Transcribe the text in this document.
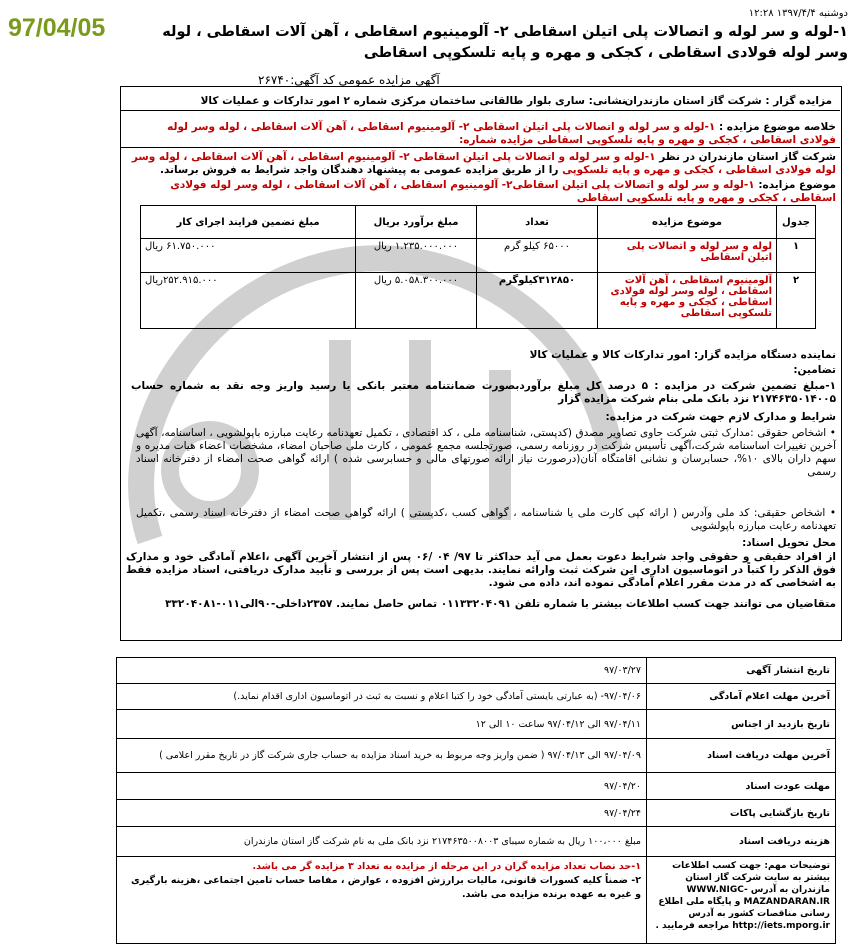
97/04/05
دوشنبه ۱۳۹۷/۴/۴ ۱۲:۲۸
۱-لوله و سر لوله و اتصالات پلی اتیلن اسقاطی ۲- آلومینیوم اسقاطی ، آهن آلات اسقاطی ، لوله وسر لوله فولادی اسقاطی ، کجکی و مهره و پایه تلسکوپی اسقاطی
آگهی مزایده عمومی کد آگهی:۲۶۷۴۰
مزایده گزار : شرکت گاز استان مازندران
نشانی: ساری بلوار طالقانی ساختمان مرکزی شماره ۲ امور تدارکات و عملیات کالا
خلاصه موضوع مزایده : ۱-لوله و سر لوله و اتصالات پلی اتیلن اسقاطی ۲- آلومینیوم اسقاطی ، آهن آلات اسقاطی ، لوله وسر لوله فولادی اسقاطی ، کجکی و مهره و پایه تلسکوپی اسقاطی مزایده شماره:
شرکت گاز استان مازندران در نظر ۱-لوله و سر لوله و اتصالات پلی اتیلن اسقاطی ۲- آلومینیوم اسقاطی ، آهن آلات اسقاطی ، لوله وسر لوله فولادی اسقاطی ، کجکی و مهره و پایه تلسکوپی را از طریق مزایده عمومی به پیشنهاد دهندگان واجد شرایط به فروش برساند.
موضوع مزایده: ۱-لوله و سر لوله و اتصالات پلی اتیلن اسقاطی۲- آلومینیوم اسقاطی ، آهن آلات اسقاطی ، لوله وسر لوله فولادی اسقاطی ، کجکی و مهره و پایه تلسکوپی اسقاطی
جدول	موضوع مزایده	تعداد	مبلغ برآورد بریال	مبلغ تضمین فرایند اجرای کار
۱	لوله و سر لوله و اتصالات پلی اتیلن اسقاطی	۶۵۰۰۰ کیلو گرم	۱.۲۳۵.۰۰۰.۰۰۰ ریال	۶۱.۷۵۰.۰۰۰ ریال
۲	آلومینیوم اسقاطی ، آهن آلات اسقاطی ، لوله وسر لوله فولادی اسقاطی ، کجکی و مهره و پایه تلسکوپی اسقاطی	۳۱۲۸۵۰کیلوگرم	۵.۰۵۸.۳۰۰.۰۰۰ ریال	۲۵۲.۹۱۵.۰۰۰ریال
نماینده دستگاه مزایده گزار: امور تدارکات کالا و عملیات کالا
تضامین:
۱-مبلغ تضمین شرکت در مزایده : ۵ درصد کل مبلغ برآوردبصورت ضمانتنامه معتبر بانکی یا رسید واریز وجه نقد به شماره حساب ۲۱۷۴۶۳۵۰۱۴۰۰۵ نزد بانک ملی بنام شرکت مزایده گزار
شرایط و مدارک لازم جهت شرکت در مزایده:
• اشخاص حقوقی :مدارک ثبتی شرکت حاوی تصاویر مصدق (کدپستی، شناسنامه ملی ، کد اقتصادی ، تکمیل تعهدنامه رعایت مبارزه باپولشویی ، اساسنامه، آگهی آخرین تغییرات اساسنامه شرکت،آگهی تأسیس شرکت در روزنامه رسمی، صورتجلسه مجمع عمومی ، کارت ملی صاحبان امضاء، مشخصات اعضاء هیات مدیره و سهم داران بالای ۱۰%، حسابرسان و نشانی اقامتگاه آنان(درصورت نیاز ارائه صورتهای مالی و حسابرسی شده ) ارائه گواهی صحت امضاء از دفترخانه اسناد رسمی
• اشخاص حقیقی: کد ملی وآدرس ( ارائه کپی کارت ملی یا شناسنامه ، گواهی کسب ،کدپستی ) ارائه گواهی صحت امضاء از دفترخانه اسناد رسمی ،تکمیل تعهدنامه رعایت مبارزه باپولشویی
محل تحویل اسناد:
از افراد حقیقی و حقوقی واجد شرایط دعوت بعمل می آید حداکثر تا ۹۷/ ۰۴ /۰۶ پس از انتشار آخرین آگهی ،اعلام آمادگی خود و مدارک فوق الذکر را کتباً در اتوماسیون اداری این شرکت ثبت وارائه نمایند. بدیهی است پس از بررسی و تأیید مدارک دریافتی، اسناد مزایده فقط به اشخاصی که در مدت مقرر اعلام آمادگی نموده اند، داده می شود.
متقاضیان می توانند جهت کسب اطلاعات بیشتر با شماره تلفن ۰۱۱۳۳۲۰۴۰۹۱ تماس حاصل نمایند. ۲۳۵۷داخلی-۹۰الی۰۱۱-۳۳۲۰۴۰۸۱
تاریخ انتشار آگهی	۹۷/۰۳/۲۷
آخرین مهلت اعلام آمادگی	۹۷/۰۴/۰۶- (به عبارتی بایستی آمادگی خود را کتبا اعلام و نسبت به ثبت در اتوماسیون اداری اقدام نماید.)
تاریخ بازدید از اجناس	۹۷/۰۴/۱۱ الی ۹۷/۰۴/۱۲ ساعت ۱۰ الی ۱۲
آخرین مهلت دریافت اسناد	۹۷/۰۴/۰۹ الی ۹۷/۰۴/۱۳ ( ضمن واریز وجه مربوط به خرید اسناد مزایده به حساب جاری شرکت گاز در تاریخ مقرر اعلامی )
مهلت عودت اسناد	۹۷/۰۴/۲۰
تاریخ بازگشایی پاکات	۹۷/۰۴/۲۴
هزینه دریافت اسناد	مبلغ ۱۰۰،۰۰۰ ریال به شماره سیبای ۲۱۷۴۶۳۵۰۰۸۰۰۳ نزد بانک ملی به نام شرکت گاز استان مازندران
توضیحات مهم: جهت کسب اطلاعات بیشتر به سایت شرکت گاز استان مازندران به آدرس WWW.NIGC-MAZANDARAN.IR و پایگاه ملی اطلاع رسانی مناقصات کشور به آدرس http://iets.mporg.ir مراجعه فرمایید .	۱-حد نصاب تعداد مزایده گران در این مرحله از مزایده به تعداد ۳ مزایده گر می باشد.
۲- ضمناً کلیه کسورات قانونی، مالیات برارزش افزوده ، عوارض ، مفاصا حساب تامین اجتماعی ،هزینه بارگیری و غیره به عهده برنده مزایده می باشد.
